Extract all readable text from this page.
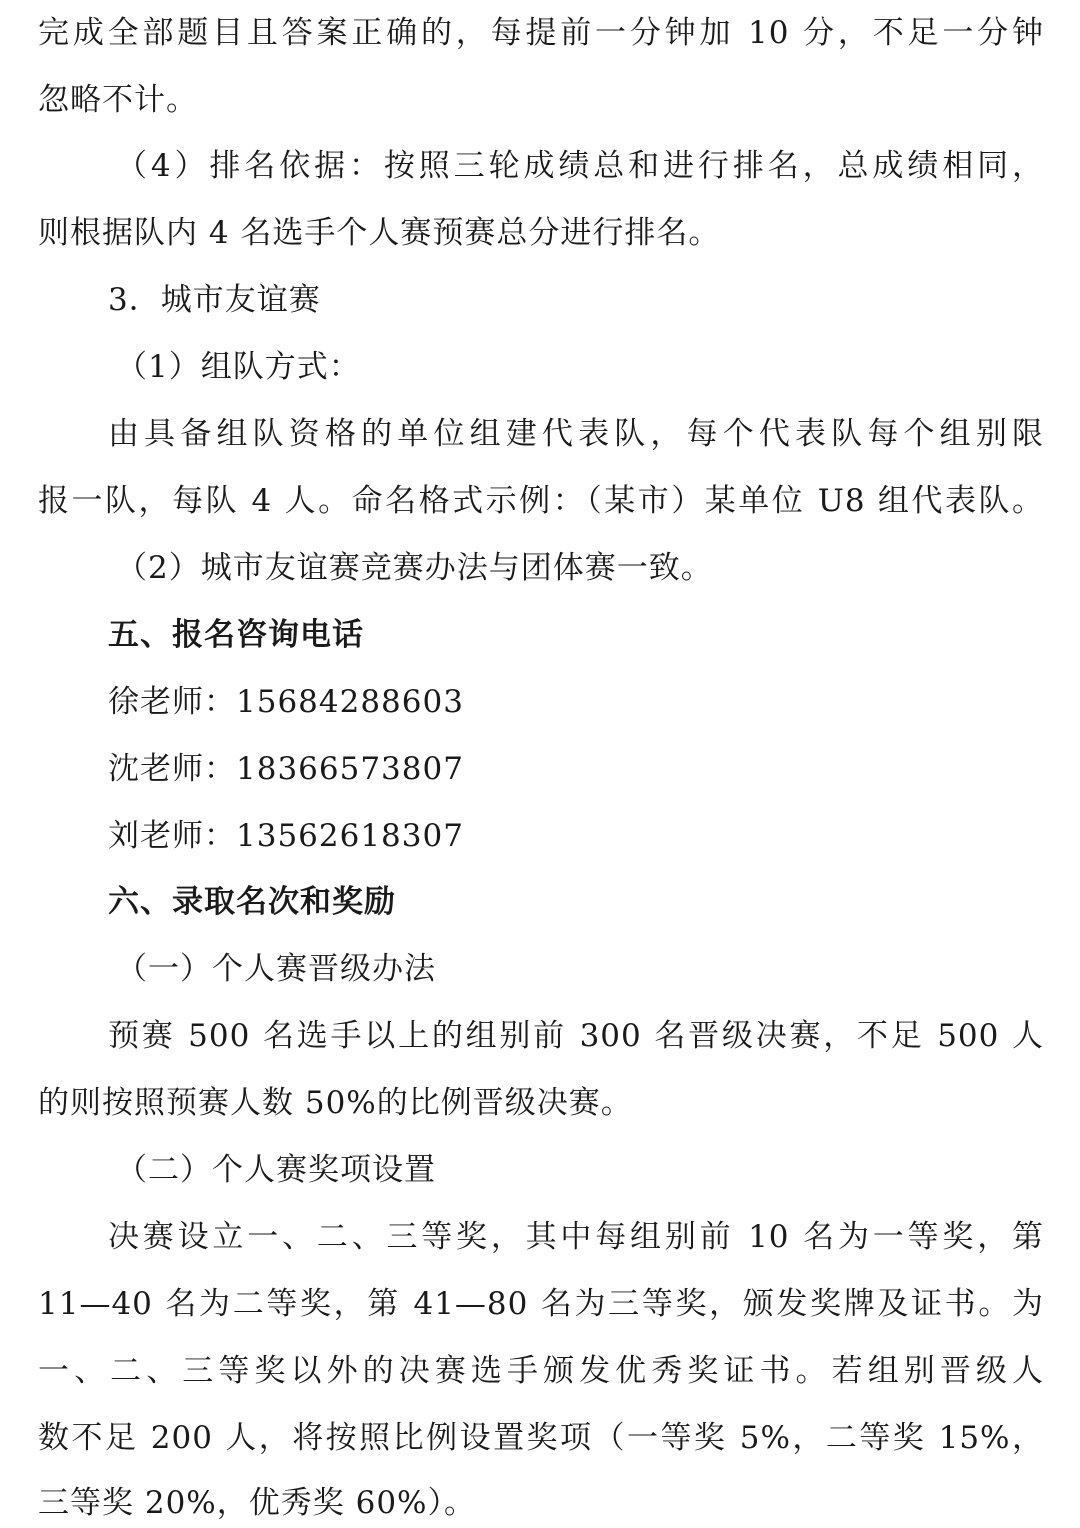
完成全部题目且答案正确的，每提前一分钟加 10 分，不足一分钟
忽略不计。
（4）排名依据：按照三轮成绩总和进行排名，总成绩相同，
则根据队内 4 名选手个人赛预赛总分进行排名。
3．城市友谊赛
（1）组队方式：
由具备组队资格的单位组建代表队，每个代表队每个组别限
报一队，每队 4 人。命名格式示例：（某市）某单位 U8 组代表队。
（2）城市友谊赛竞赛办法与团体赛一致。
五、报名咨询电话
徐老师：15684288603
沈老师：18366573807
刘老师：13562618307
六、录取名次和奖励
（一）个人赛晋级办法
预赛 500 名选手以上的组别前 300 名晋级决赛，不足 500 人
的则按照预赛人数 50%的比例晋级决赛。
（二）个人赛奖项设置
决赛设立一、二、三等奖，其中每组别前 10 名为一等奖，第
11—40 名为二等奖，第 41—80 名为三等奖，颁发奖牌及证书。为
一、二、三等奖以外的决赛选手颁发优秀奖证书。若组别晋级人
数不足 200 人，将按照比例设置奖项（一等奖 5%，二等奖 15%，
三等奖 20%，优秀奖 60%）。
